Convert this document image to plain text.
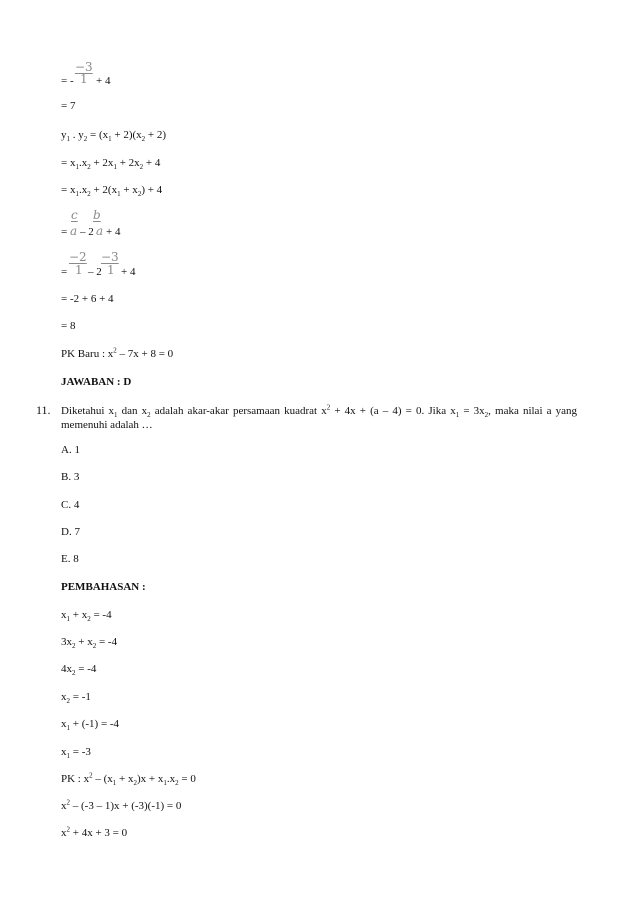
−3
= - 1 + 4
= 7
$y_1$ . $y_2 = (x_1 + 2)(x_2 + 2)$
= $x_1.x_2 + 2x_1 + 2x_2 + 4$
= $x_1.x_2 + 2(x_1 + x_2) + 4$
c b
= a – 2 a + 4
−2 −3
= 1 – 2 1 + 4
= -2 + 6 + 4
= 8
PK Baru : $x^2 - 7x + 8 = 0$
JAWABAN : D
11. Diketahui $x_1$ dan $x_2$ adalah akar-akar persamaan kuadrat $x^2 + 4x + (a - 4) = 0$. Jika $x_1 = 3x_2$, maka nilai a yang memenuhi adalah …
A. 1
B. 3
C. 4
D. 7
E. 8
PEMBAHASAN :
$x_1 + x_2 = -4$
$3x_2 + x_2 = -4$
$4x_2 = -4$
$x_2 = -1$
$x_1 + (-1) = -4$
$x_1 = -3$
PK : $x^2 - (x_1 + x_2)x + x_1.x_2 = 0$
$x^2 - (-3 - 1)x + (-3)(-1) = 0$
$x^2 + 4x + 3 = 0$
